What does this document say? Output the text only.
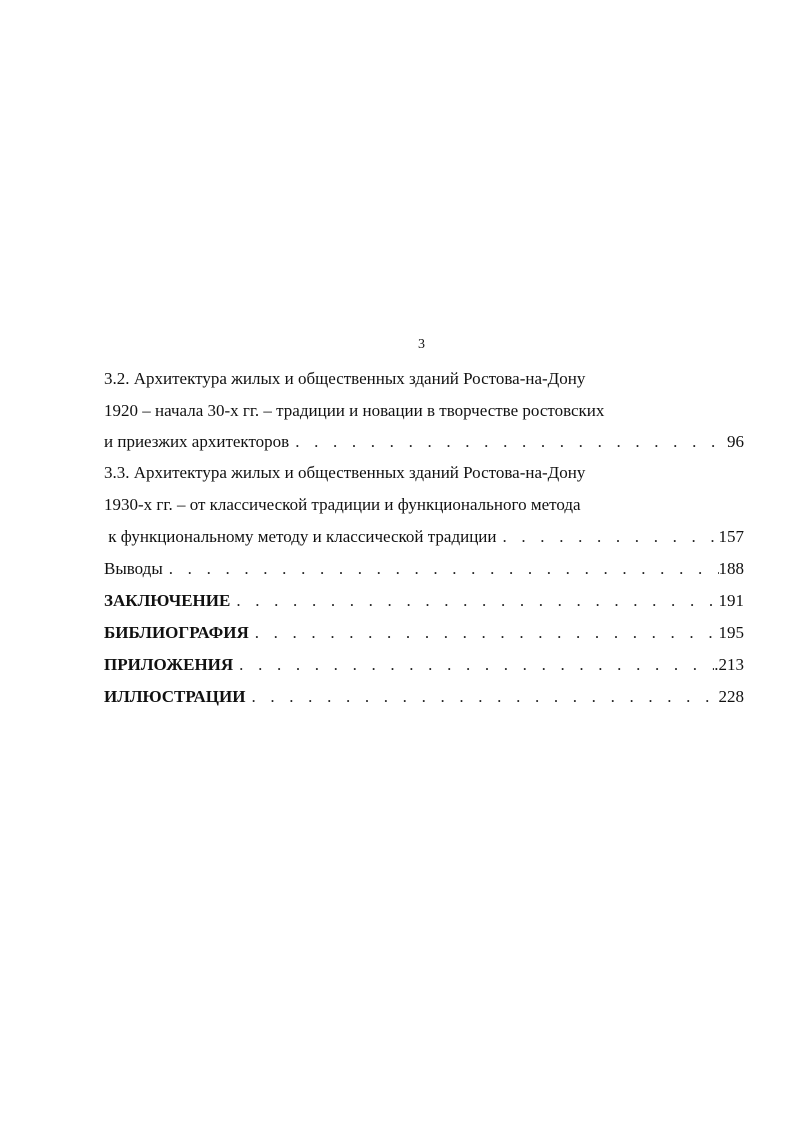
3
3.2. Архитектура жилых и общественных зданий Ростова-на-Дону
1920 – начала 30-х гг. – традиции и новации в творчестве ростовских
и приезжих архитекторов . . .	96
3.3. Архитектура жилых и общественных зданий Ростова-на-Дону
1930-х гг. – от классической традиции и функционального метода
к функциональному методу и классической традиции . . .	157
Выводы . . .	188
ЗАКЛЮЧЕНИЕ . . .	191
БИБЛИОГРАФИЯ . . .	195
ПРИЛОЖЕНИЯ . . .	.213
ИЛЛЮСТРАЦИИ . . .	228
